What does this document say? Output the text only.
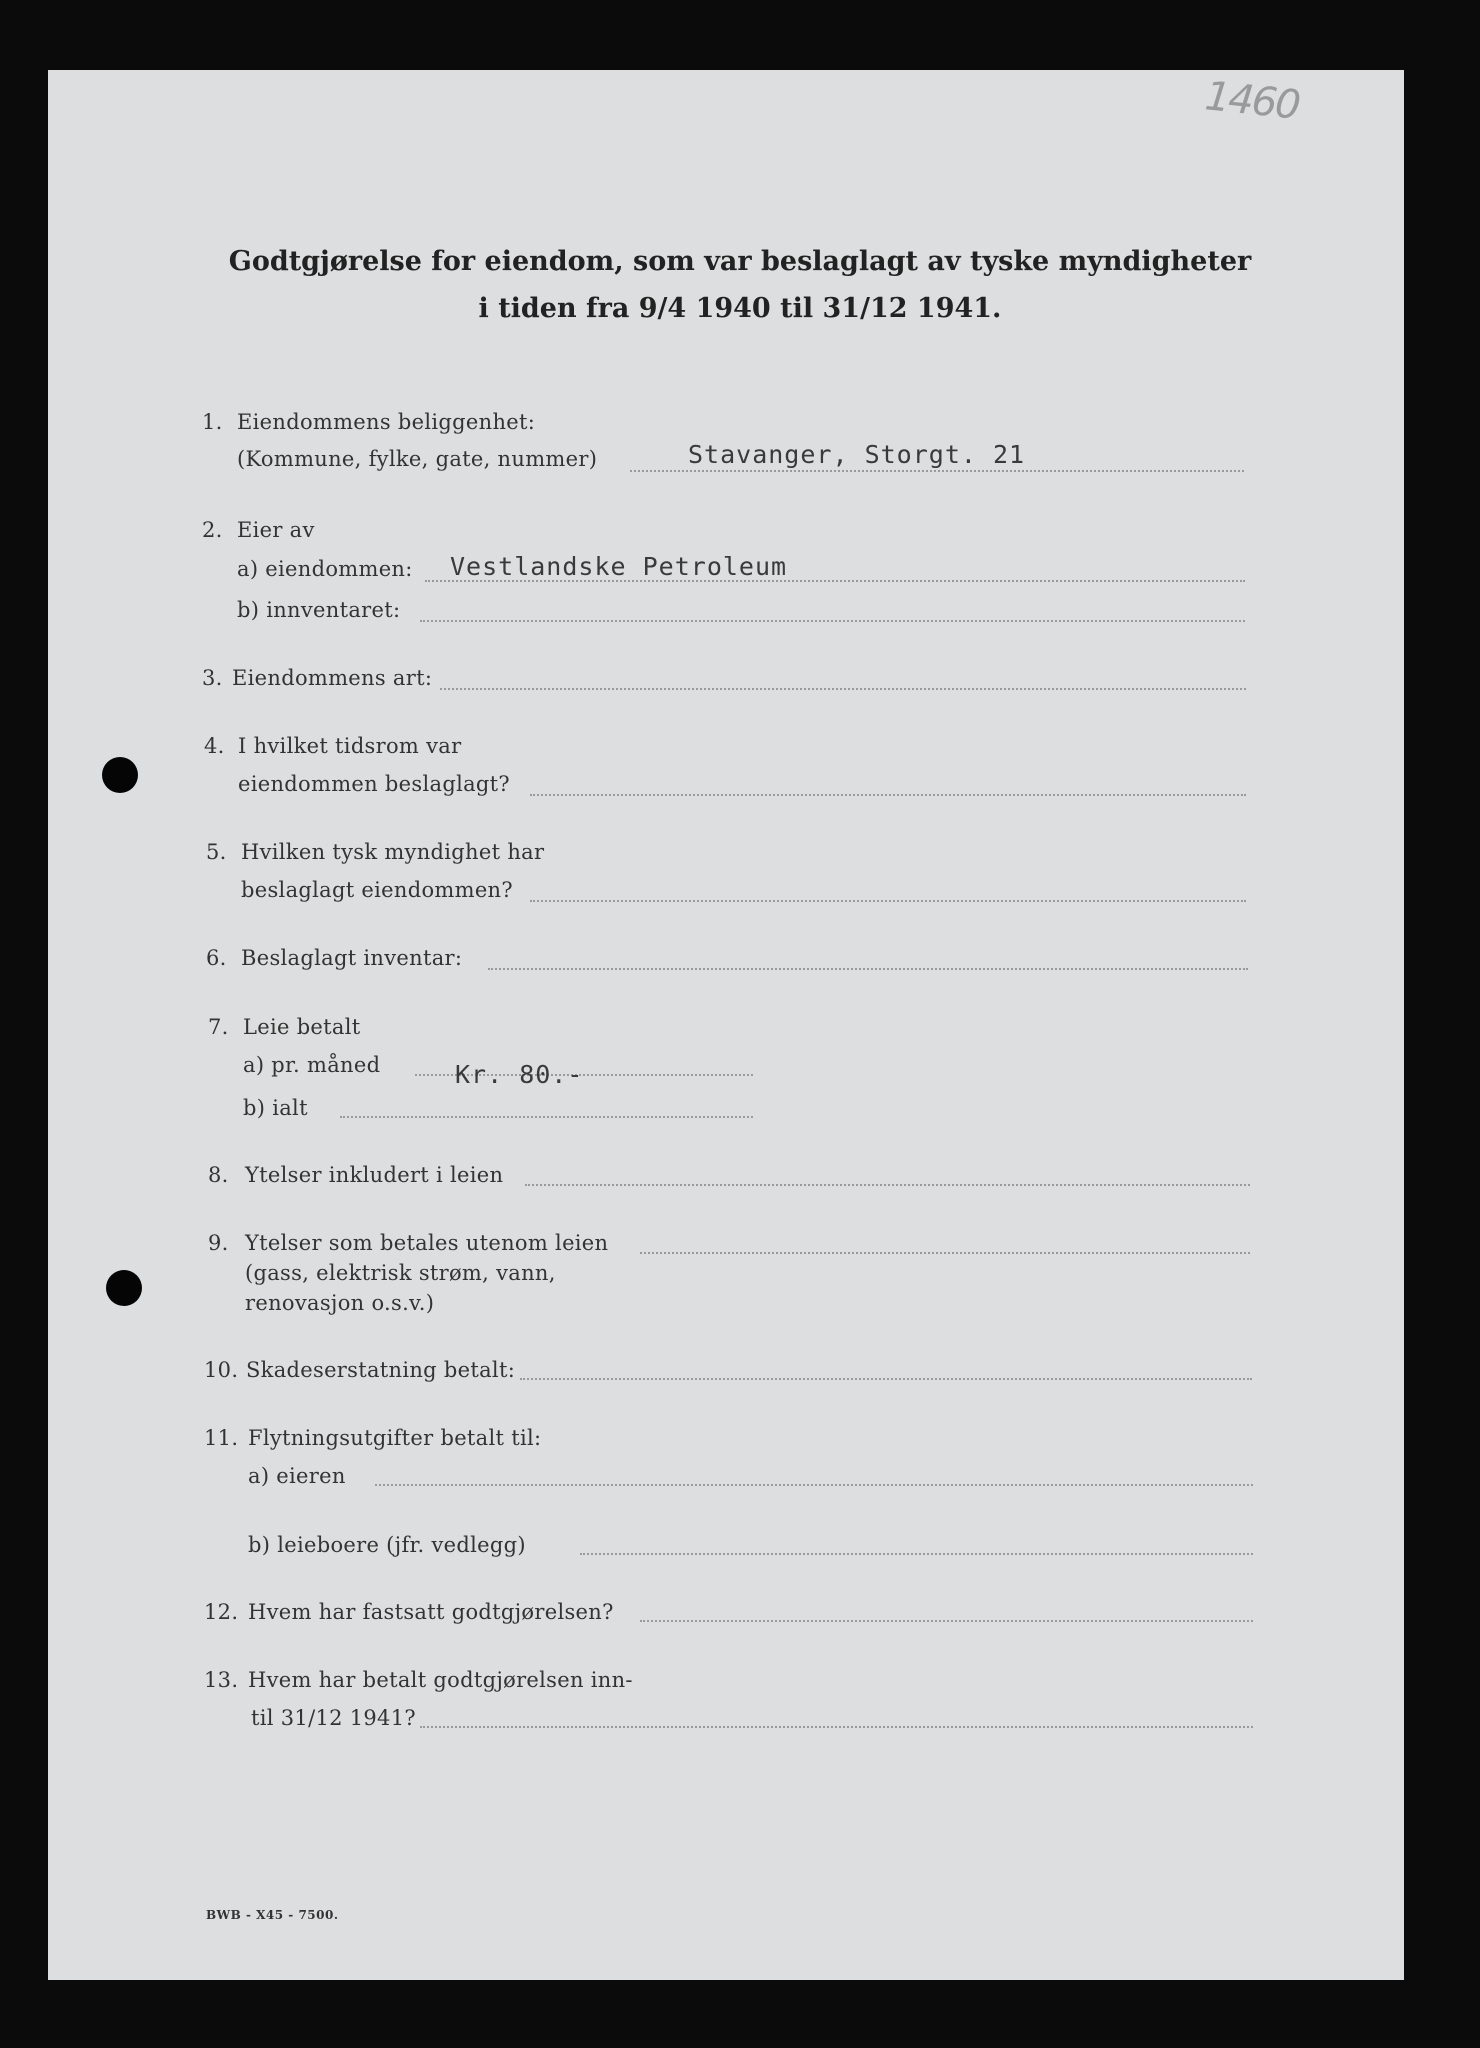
1460
Godtgjørelse for eiendom, som var beslaglagt av tyske myndigheter
i tiden fra 9/4 1940 til 31/12 1941.
1. Eiendommens beliggenhet:
(Kommune, fylke, gate, nummer)	Stavanger, Storgt. 21
2. Eier av
a) eiendommen: Vestlandske Petroleum
b) innventaret:
3. Eiendommens art:
4. I hvilket tidsrom var
eiendommen beslaglagt?
5. Hvilken tysk myndighet har
beslaglagt eiendommen?
6. Beslaglagt inventar:
7. Leie betalt
a) pr. måned	Kr. 80.-
b) ialt
8. Ytelser inkludert i leien
9. Ytelser som betales utenom leien
(gass, elektrisk strøm, vann,
renovasjon o.s.v.)
10. Skadeserstatning betalt:
11. Flytningsutgifter betalt til:
a) eieren
b) leieboere (jfr. vedlegg)
12. Hvem har fastsatt godtgjørelsen?
13. Hvem har betalt godtgjørelsen inn-
til 31/12 1941?
BWB - X45 - 7500.
